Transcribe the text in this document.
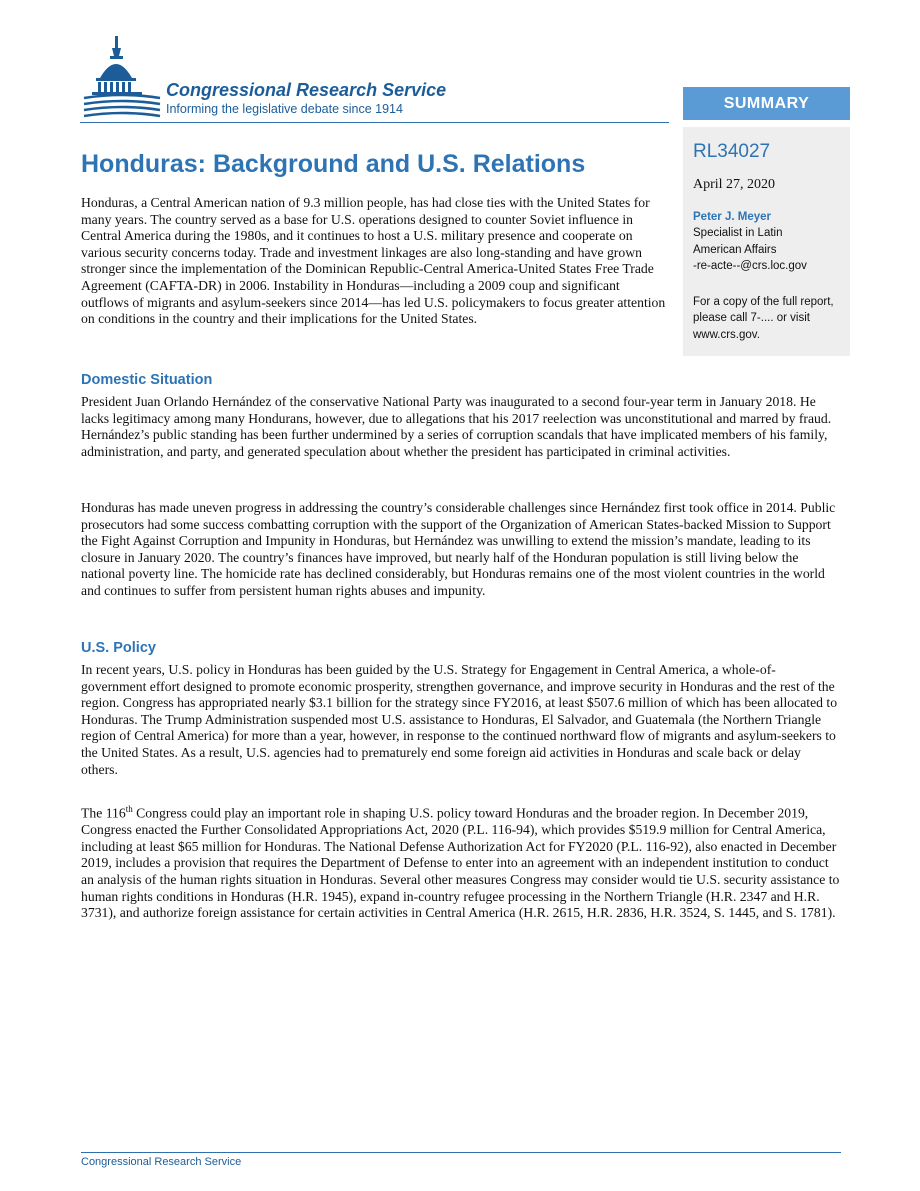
Congressional Research Service
Informing the legislative debate since 1914	SUMMARY
RL34027
April 27, 2020
Peter J. Meyer
Specialist in Latin
American Affairs
-re-acte--@crs.loc.gov
For a copy of the full report,
please call 7-.... or visit
www.crs.gov.
Honduras: Background and U.S. Relations

Honduras, a Central American nation of 9.3 million people, has had close ties with the United States for many years. The country served as a base for U.S. operations designed to counter Soviet influence in Central America during the 1980s, and it continues to host a U.S. military presence and cooperate on various security concerns today. Trade and investment linkages are also long-standing and have grown stronger since the implementation of the Dominican Republic-Central America-United States Free Trade Agreement (CAFTA-DR) in 2006. Instability in Honduras—including a 2009 coup and significant outflows of migrants and asylum-seekers since 2014—has led U.S. policymakers to focus greater attention on conditions in the country and their implications for the United States.

Domestic Situation

President Juan Orlando Hernández of the conservative National Party was inaugurated to a second four-year term in January 2018. He lacks legitimacy among many Hondurans, however, due to allegations that his 2017 reelection was unconstitutional and marred by fraud. Hernández’s public standing has been further undermined by a series of corruption scandals that have implicated members of his family, administration, and party, and generated speculation about whether the president has participated in criminal activities.

Honduras has made uneven progress in addressing the country’s considerable challenges since Hernández first took office in 2014. Public prosecutors had some success combatting corruption with the support of the Organization of American States-backed Mission to Support the Fight Against Corruption and Impunity in Honduras, but Hernández was unwilling to extend the mission’s mandate, leading to its closure in January 2020. The country’s finances have improved, but nearly half of the Honduran population is still living below the national poverty line. The homicide rate has declined considerably, but Honduras remains one of the most violent countries in the world and continues to suffer from persistent human rights abuses and impunity.

U.S. Policy

In recent years, U.S. policy in Honduras has been guided by the U.S. Strategy for Engagement in Central America, a whole-of-government effort designed to promote economic prosperity, strengthen governance, and improve security in Honduras and the rest of the region. Congress has appropriated nearly $3.1 billion for the strategy since FY2016, at least $507.6 million of which has been allocated to Honduras. The Trump Administration suspended most U.S. assistance to Honduras, El Salvador, and Guatemala (the Northern Triangle region of Central America) for more than a year, however, in response to the continued northward flow of migrants and asylum-seekers to the United States. As a result, U.S. agencies had to prematurely end some foreign aid activities in Honduras and scale back or delay others.

The 116th Congress could play an important role in shaping U.S. policy toward Honduras and the broader region. In December 2019, Congress enacted the Further Consolidated Appropriations Act, 2020 (P.L. 116-94), which provides $519.9 million for Central America, including at least $65 million for Honduras. The National Defense Authorization Act for FY2020 (P.L. 116-92), also enacted in December 2019, includes a provision that requires the Department of Defense to enter into an agreement with an independent institution to conduct an analysis of the human rights situation in Honduras. Several other measures Congress may consider would tie U.S. security assistance to human rights conditions in Honduras (H.R. 1945), expand in-country refugee processing in the Northern Triangle (H.R. 2347 and H.R. 3731), and authorize foreign assistance for certain activities in Central America (H.R. 2615, H.R. 2836, H.R. 3524, S. 1445, and S. 1781).

Congressional Research Service
